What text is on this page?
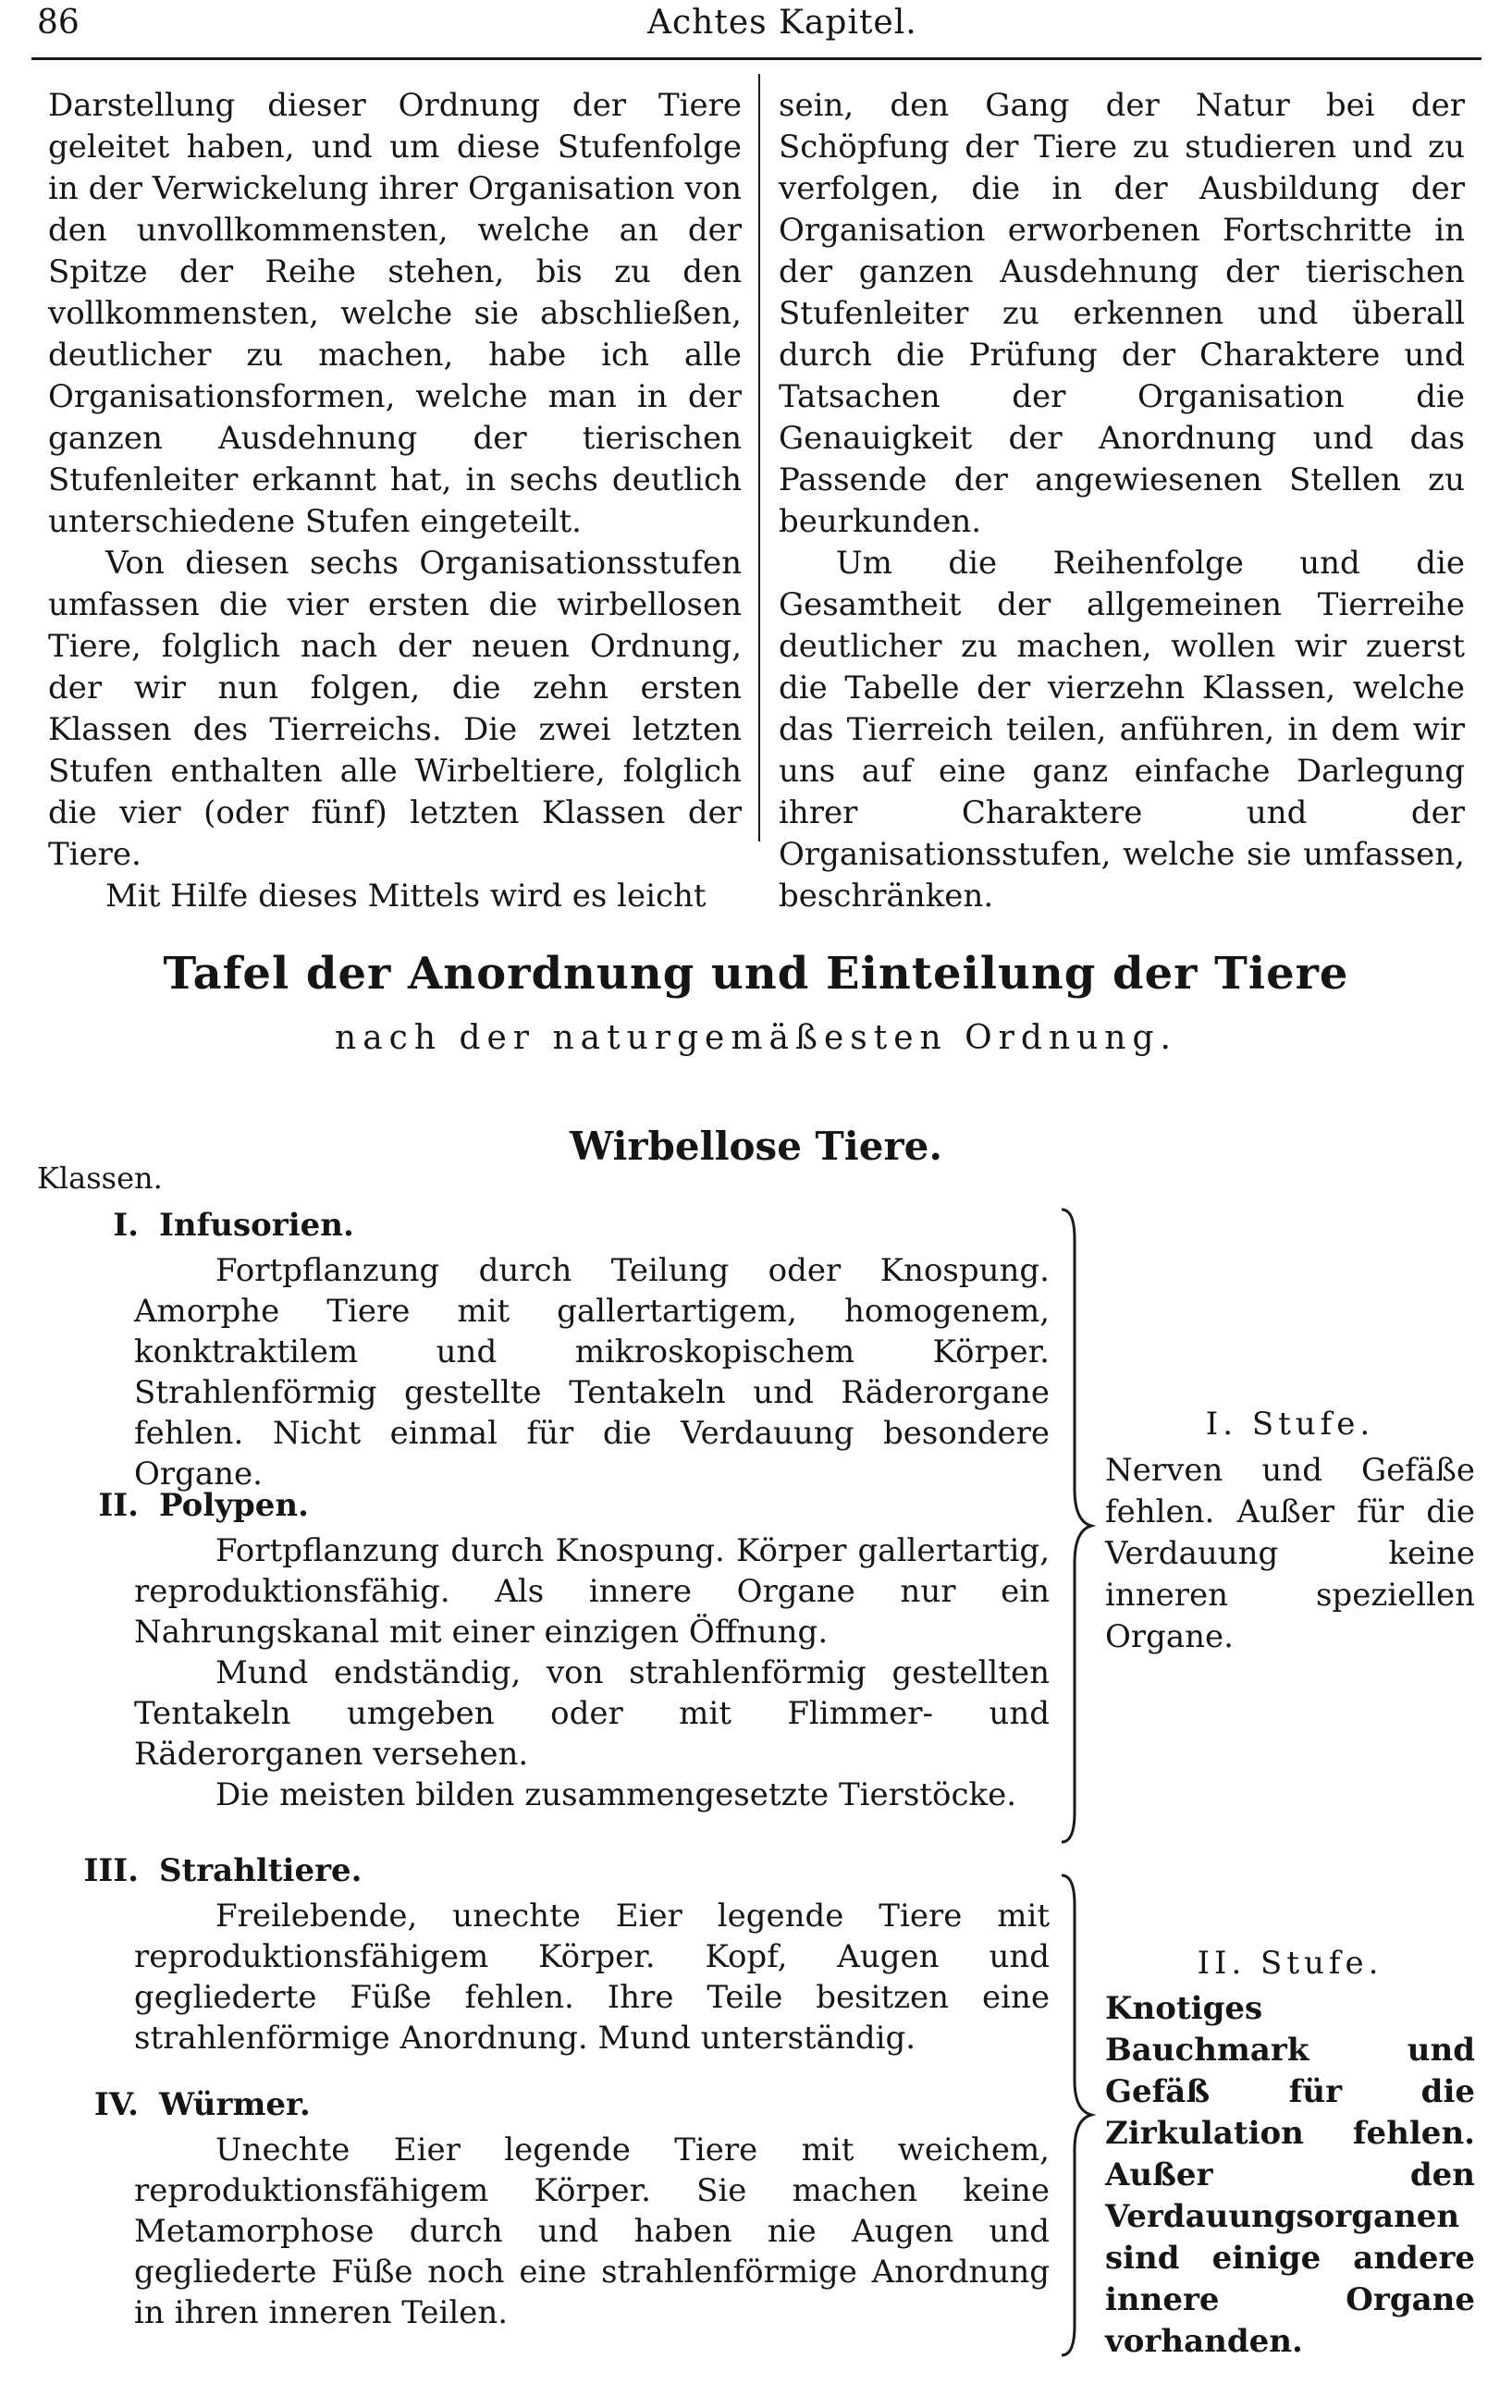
86	Achtes Kapitel.

Darstellung dieser Ordnung der Tiere geleitet haben, und um diese Stufenfolge in der Verwickelung ihrer Organisation von den unvollkommensten, welche an der Spitze der Reihe stehen, bis zu den vollkommensten, welche sie abschließen, deutlicher zu machen, habe ich alle Organisationsformen, welche man in der ganzen Ausdehnung der tierischen Stufenleiter erkannt hat, in sechs deutlich unterschiedene Stufen eingeteilt.

Von diesen sechs Organisationsstufen umfassen die vier ersten die wirbellosen Tiere, folglich nach der neuen Ordnung, der wir nun folgen, die zehn ersten Klassen des Tierreichs. Die zwei letzten Stufen enthalten alle Wirbeltiere, folglich die vier (oder fünf) letzten Klassen der Tiere.

Mit Hilfe dieses Mittels wird es leicht

sein, den Gang der Natur bei der Schöpfung der Tiere zu studieren und zu verfolgen, die in der Ausbildung der Organisation erworbenen Fortschritte in der ganzen Ausdehnung der tierischen Stufenleiter zu erkennen und überall durch die Prüfung der Charaktere und Tatsachen der Organisation die Genauigkeit der Anordnung und das Passende der angewiesenen Stellen zu beurkunden.

Um die Reihenfolge und die Gesamtheit der allgemeinen Tierreihe deutlicher zu machen, wollen wir zuerst die Tabelle der vierzehn Klassen, welche das Tierreich teilen, anführen, in dem wir uns auf eine ganz einfache Darlegung ihrer Charaktere und der Organisationsstufen, welche sie umfassen, beschränken.

Tafel der Anordnung und Einteilung der Tiere
nach der naturgemäßesten Ordnung.
Wirbellose Tiere.
Klassen.
I. Infusorien.

Fortpflanzung durch Teilung oder Knospung. Amorphe Tiere mit gallertartigem, homogenem, konktraktilem und mikroskopischem Körper. Strahlenförmig gestellte Tentakeln und Räderorgane fehlen. Nicht einmal für die Verdauung besondere Organe.

II. Polypen.

Fortpflanzung durch Knospung. Körper gallertartig, reproduktionsfähig. Als innere Organe nur ein Nahrungskanal mit einer einzigen Öffnung.

Mund endständig, von strahlenförmig gestellten Tentakeln umgeben oder mit Flimmer- und Räderorganen versehen.

Die meisten bilden zusammengesetzte Tierstöcke.

III. Strahltiere.

Freilebende, unechte Eier legende Tiere mit reproduktionsfähigem Körper. Kopf, Augen und gegliederte Füße fehlen. Ihre Teile besitzen eine strahlenförmige Anordnung. Mund unterständig.

IV. Würmer.

Unechte Eier legende Tiere mit weichem, reproduktionsfähigem Körper. Sie machen keine Metamorphose durch und haben nie Augen und gegliederte Füße noch eine strahlenförmige Anordnung in ihren inneren Teilen.

I. Stufe.
Nerven und Gefäße fehlen. Außer für die Verdauung keine inneren speziellen Organe.
II. Stufe.
Knotiges Bauchmark und Gefäß für die Zirkulation fehlen. Außer den Verdauungsorganen sind einige andere innere Organe vorhanden.
